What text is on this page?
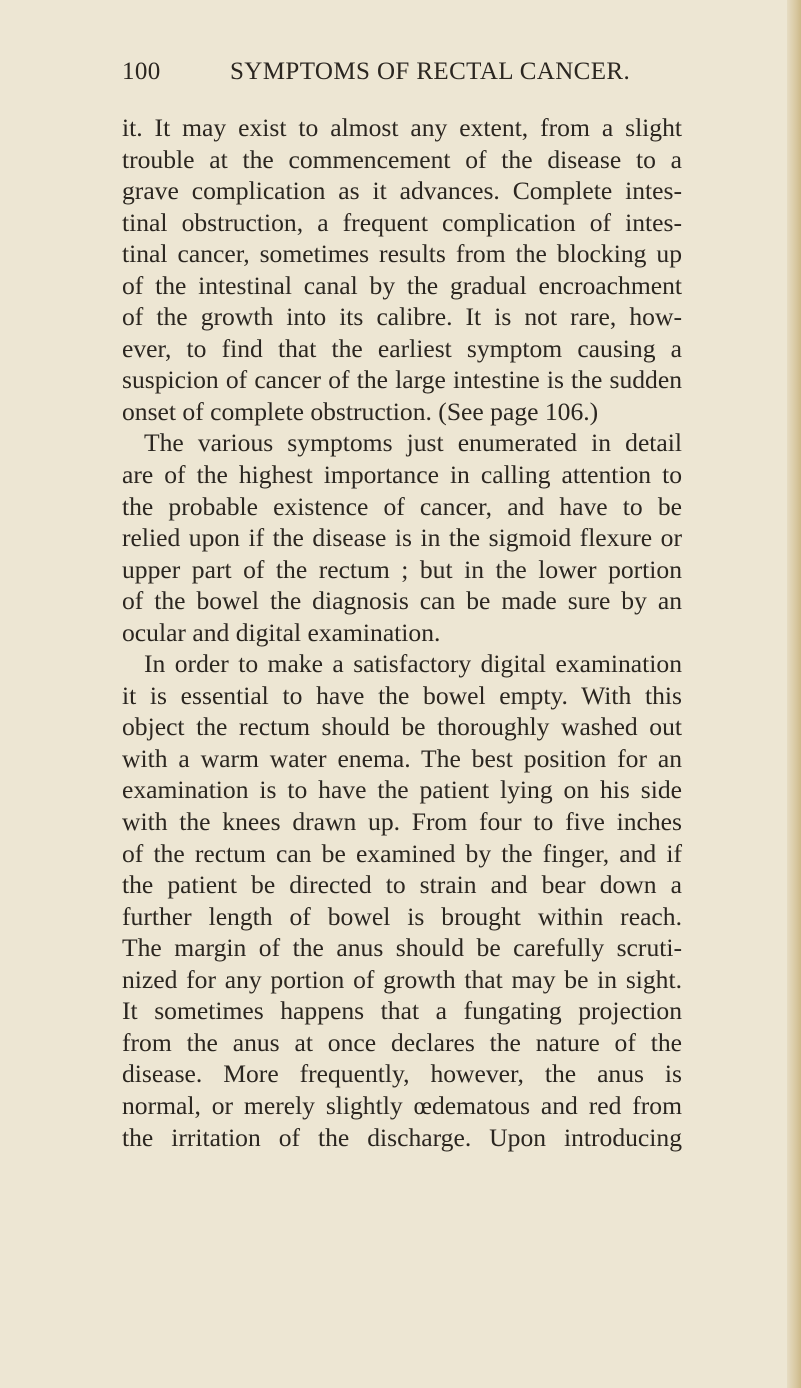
100	SYMPTOMS OF RECTAL CANCER.
it. It may exist to almost any extent, from a slight
trouble at the commencement of the disease to a
grave complication as it advances. Complete intes-
tinal obstruction, a frequent complication of intes-
tinal cancer, sometimes results from the blocking up
of the intestinal canal by the gradual encroachment
of the growth into its calibre. It is not rare, how-
ever, to find that the earliest symptom causing a
suspicion of cancer of the large intestine is the sudden
onset of complete obstruction. (See page 106.)
The various symptoms just enumerated in detail
are of the highest importance in calling attention to
the probable existence of cancer, and have to be
relied upon if the disease is in the sigmoid flexure or
upper part of the rectum ; but in the lower portion
of the bowel the diagnosis can be made sure by an
ocular and digital examination.
In order to make a satisfactory digital examination
it is essential to have the bowel empty. With this
object the rectum should be thoroughly washed out
with a warm water enema. The best position for an
examination is to have the patient lying on his side
with the knees drawn up. From four to five inches
of the rectum can be examined by the finger, and if
the patient be directed to strain and bear down a
further length of bowel is brought within reach.
The margin of the anus should be carefully scruti-
nized for any portion of growth that may be in sight.
It sometimes happens that a fungating projection
from the anus at once declares the nature of the
disease. More frequently, however, the anus is
normal, or merely slightly œdematous and red from
the irritation of the discharge. Upon introducing
